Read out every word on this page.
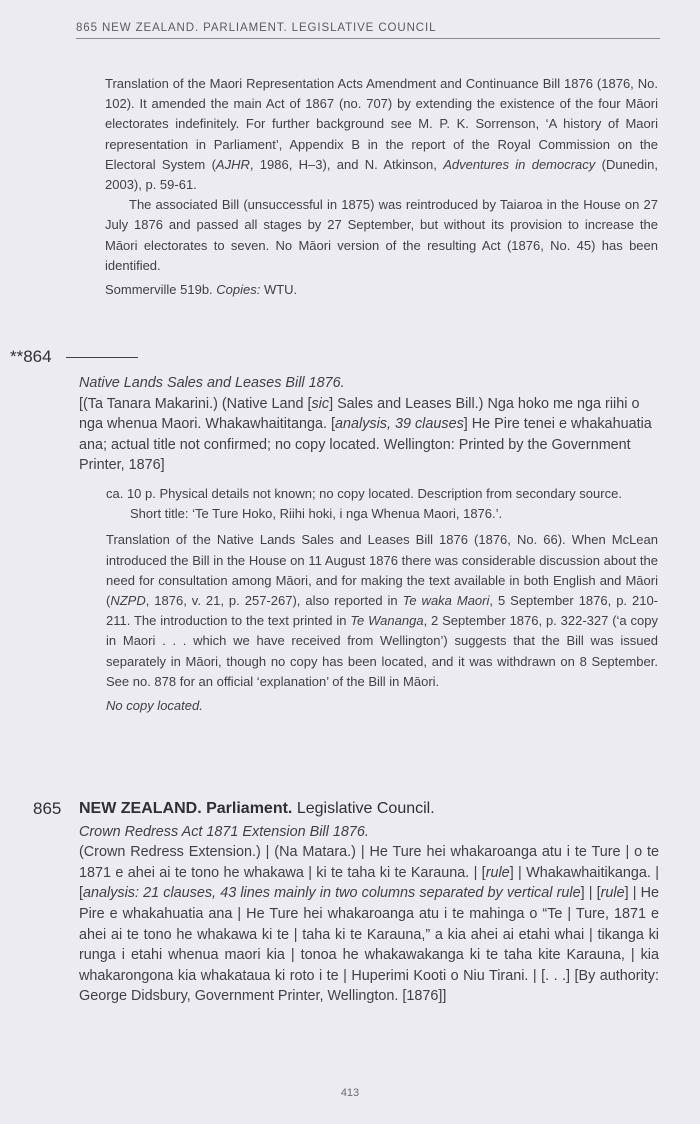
865 NEW ZEALAND. PARLIAMENT. LEGISLATIVE COUNCIL

Translation of the Maori Representation Acts Amendment and Continuance Bill 1876 (1876, No. 102). It amended the main Act of 1867 (no. 707) by extending the existence of the four Māori electorates indefinitely. For further background see M. P. K. Sorrenson, ‘A history of Maori representation in Parliament’, Appendix B in the report of the Royal Commission on the Electoral System (AJHR, 1986, H–3), and N. Atkinson, Adventures in democracy (Dunedin, 2003), p. 59-61.

The associated Bill (unsuccessful in 1875) was reintroduced by Taiaroa in the House on 27 July 1876 and passed all stages by 27 September, but without its provision to increase the Māori electorates to seven. No Māori version of the resulting Act (1876, No. 45) has been identified.

Sommerville 519b. Copies: WTU.

**864

Native Lands Sales and Leases Bill 1876.

[(Ta Tanara Makarini.) (Native Land [sic] Sales and Leases Bill.) Nga hoko me nga riihi o nga whenua Maori. Whakawhaititanga. [analysis, 39 clauses] He Pire tenei e whakahuatia ana; actual title not confirmed; no copy located. Wellington: Printed by the Government Printer, 1876]

ca. 10 p. Physical details not known; no copy located. Description from secondary source.

Short title: ‘Te Ture Hoko, Riihi hoki, i nga Whenua Maori, 1876.’.

Translation of the Native Lands Sales and Leases Bill 1876 (1876, No. 66). When McLean introduced the Bill in the House on 11 August 1876 there was considerable discussion about the need for consultation among Māori, and for making the text available in both English and Māori (NZPD, 1876, v. 21, p. 257-267), also reported in Te waka Maori, 5 September 1876, p. 210-211. The introduction to the text printed in Te Wananga, 2 September 1876, p. 322-327 (‘a copy in Maori . . . which we have received from Wellington’) suggests that the Bill was issued separately in Māori, though no copy has been located, and it was withdrawn on 8 September. See no. 878 for an official ‘explanation’ of the Bill in Māori.

No copy located.

865 NEW ZEALAND. Parliament. Legislative Council.

Crown Redress Act 1871 Extension Bill 1876.

(Crown Redress Extension.) | (Na Matara.) | He Ture hei whakaroanga atu i te Ture | o te 1871 e ahei ai te tono he whakawa | ki te taha ki te Karauna. | [rule] | Whakawhaitikanga. | [analysis: 21 clauses, 43 lines mainly in two columns separated by vertical rule] | [rule] | He Pire e whakahuatia ana | He Ture hei whakaroanga atu i te mahinga o “Te | Ture, 1871 e ahei ai te tono he whakawa ki te | taha ki te Karauna,” a kia ahei ai etahi whai | tikanga ki runga i etahi whenua maori kia | tonoa he whakawakanga ki te taha kite Karauna, | kia whakarongona kia whakataua ki roto i te | Huperimi Kooti o Niu Tirani. | [. . .] [By authority: George Didsbury, Government Printer, Wellington. [1876]]

413
